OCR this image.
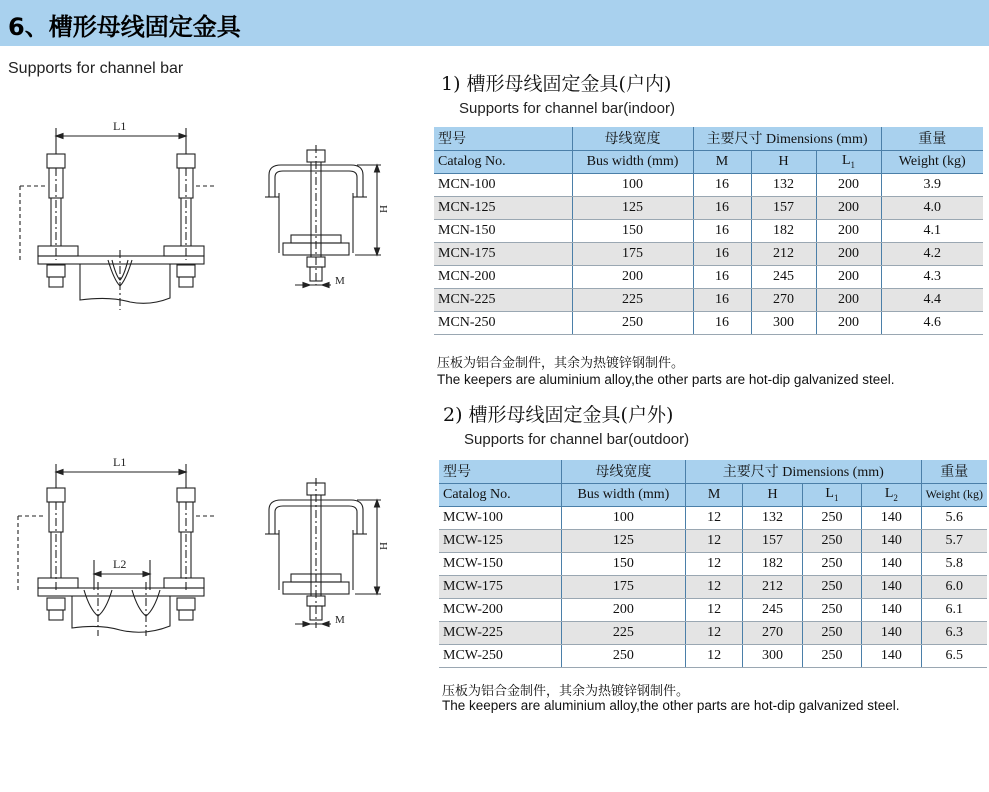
6、槽形母线固定金具
Supports for channel bar
L1
H
M
L1
L2
H
M
1) 槽形母线固定金具(户内)
Supports for channel bar(indoor)
型号	母线宽度	主要尺寸 Dimensions (mm)			重量
Catalog No.	Bus width (mm)	M	H	$L_1$	Weight (kg)
MCN-100	100	16	132	200	3.9
MCN-125	125	16	157	200	4.0
MCN-150	150	16	182	200	4.1
MCN-175	175	16	212	200	4.2
MCN-200	200	16	245	200	4.3
MCN-225	225	16	270	200	4.4
MCN-250	250	16	300	200	4.6
压板为铝合金制件，其余为热镀锌钢制件。
The keepers are aluminium alloy,the other parts are hot-dip galvanized steel.
2) 槽形母线固定金具(户外)
Supports for channel bar(outdoor)
型号	母线宽度	主要尺寸 Dimensions (mm)				重量
Catalog No.	Bus width (mm)	M	H	$L_1$	$L_2$	Weight (kg)
MCW-100	100	12	132	250	140	5.6
MCW-125	125	12	157	250	140	5.7
MCW-150	150	12	182	250	140	5.8
MCW-175	175	12	212	250	140	6.0
MCW-200	200	12	245	250	140	6.1
MCW-225	225	12	270	250	140	6.3
MCW-250	250	12	300	250	140	6.5
压板为铝合金制件，其余为热镀锌钢制件。
The keepers are aluminium alloy,the other parts are hot-dip galvanized steel.
